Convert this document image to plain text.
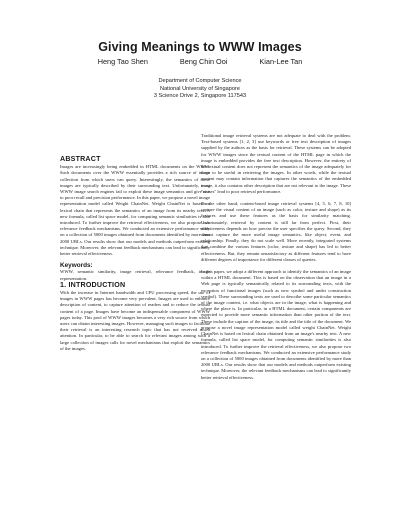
Giving Meanings to WWW Images
Heng Tao Shen	Beng Chin Ooi	Kian-Lee Tan
Department of Computer Science
National University of Singapore
3 Science Drive 2, Singapore 117543
ABSTRACT

Images are increasingly being embedded in HTML documents on the WWW. Such documents over the WWW essentially provides a rich source of image collection from which users can query. Interestingly, the semantics of these images are typically described by their surrounding text. Unfortunately, most WWW image search engines fail to exploit these image semantics and give rise to poor recall and precision performance. In this paper, we propose a novel image representation model called Weight ChainNet. Weight ChainNet is based on lexical chain that represents the semantics of an image from its nearby text. A new formula, called list space model, for computing semantic similarities is also introduced. To further improve the retrieval effectiveness, we also propose two relevance feedback mechanisms. We conducted an extensive performance study on a collection of 5000 images obtained from documents identified by more than 2000 URLs. Our results show that our models and methods outperform existing technique. Moreover, the relevant feedback mechanisms can lead to significantly better retrieval effectiveness.

Keywords:

WWW, semantic similarity, image retrieval, relevance feedback, image representation.

1. INTRODUCTION

With the increase in Internet bandwidth and CPU processing speed, the use of images in WWW pages has become very prevalent. Images are used to enhance description of content, to capture attention of readers and to reduce the textual content of a page. Images have become an indispensable component of WWW pages today. This pool of WWW images becomes a very rich source from which users can obtain interesting images. However, managing such images to facilitate their retrieval is an interesting research topic that has not received much attention. In particular, to be able to search for relevant images among such a large collection of images calls for novel mechanisms that exploit the semantics of the images.

Traditional image retrieval systems are not adequate to deal with the problem. Text-based systems [1, 2, 3] use keywords or free text description of images supplied by the authors as the basis for retrieval. These systems can be adopted for WWW images since the textual content of the HTML page in which the image is embedded provides the free text description. However, the entirety of the textual content does not represent the semantics of the image adequately for them to be useful in retrieving the images. In other words, while the textual content may contain information that captures the semantics of the embedded image, it also contains other description that are not relevant to the image. These "noises" lead to poor retrieval performance.

On the other hand, content-based image retrieval systems [4, 5, 6, 7, 8, 10] capture the visual content of an image (such as color, texture and shape) as its features and use these features as the basis for similarity matching. Unfortunately, retrieval by content is still far from perfect. First, their effectiveness depends on how precise the user specifies the query. Second, they cannot capture the more useful image semantics, like object, event, and relationship. Finally, they do not scale well. More recently, integrated systems that combine the various features (color, texture and shape) has led to better effectiveness. But, they remain unsatisfactory as different features tend to have different degrees of importance for different classes of queries.

In this paper, we adopt a different approach to identify the semantics of an image within a HTML document. This is based on the observation that an image in a Web page is typically semantically related to its surrounding texts, with the exception of functional images (such as new symbol and under construction symbol). These surrounding texts are used to describe some particular semantics of the image content, i.e. what objects are in the image, what is happening and where the place is. In particular, in a HTML document, certain components are expected to provide more semantic information than other portion of the text. These include the caption of the image, its title and the title of the document. We propose a novel image representation model called weight ChainNet. Weight ChainNet is based on lexical chain obtained from an image's nearby text. A new formula, called list space model, for computing semantic similarities is also introduced. To further improve the retrieval effectiveness, we also propose two relevance feedback mechanisms. We conducted an extensive performance study on a collection of 5000 images obtained from documents identified by more than 2000 URLs. Our results show that our models and methods outperform existing technique. Moreover, the relevant feedback mechanisms can lead to significantly better retrieval effectiveness.
